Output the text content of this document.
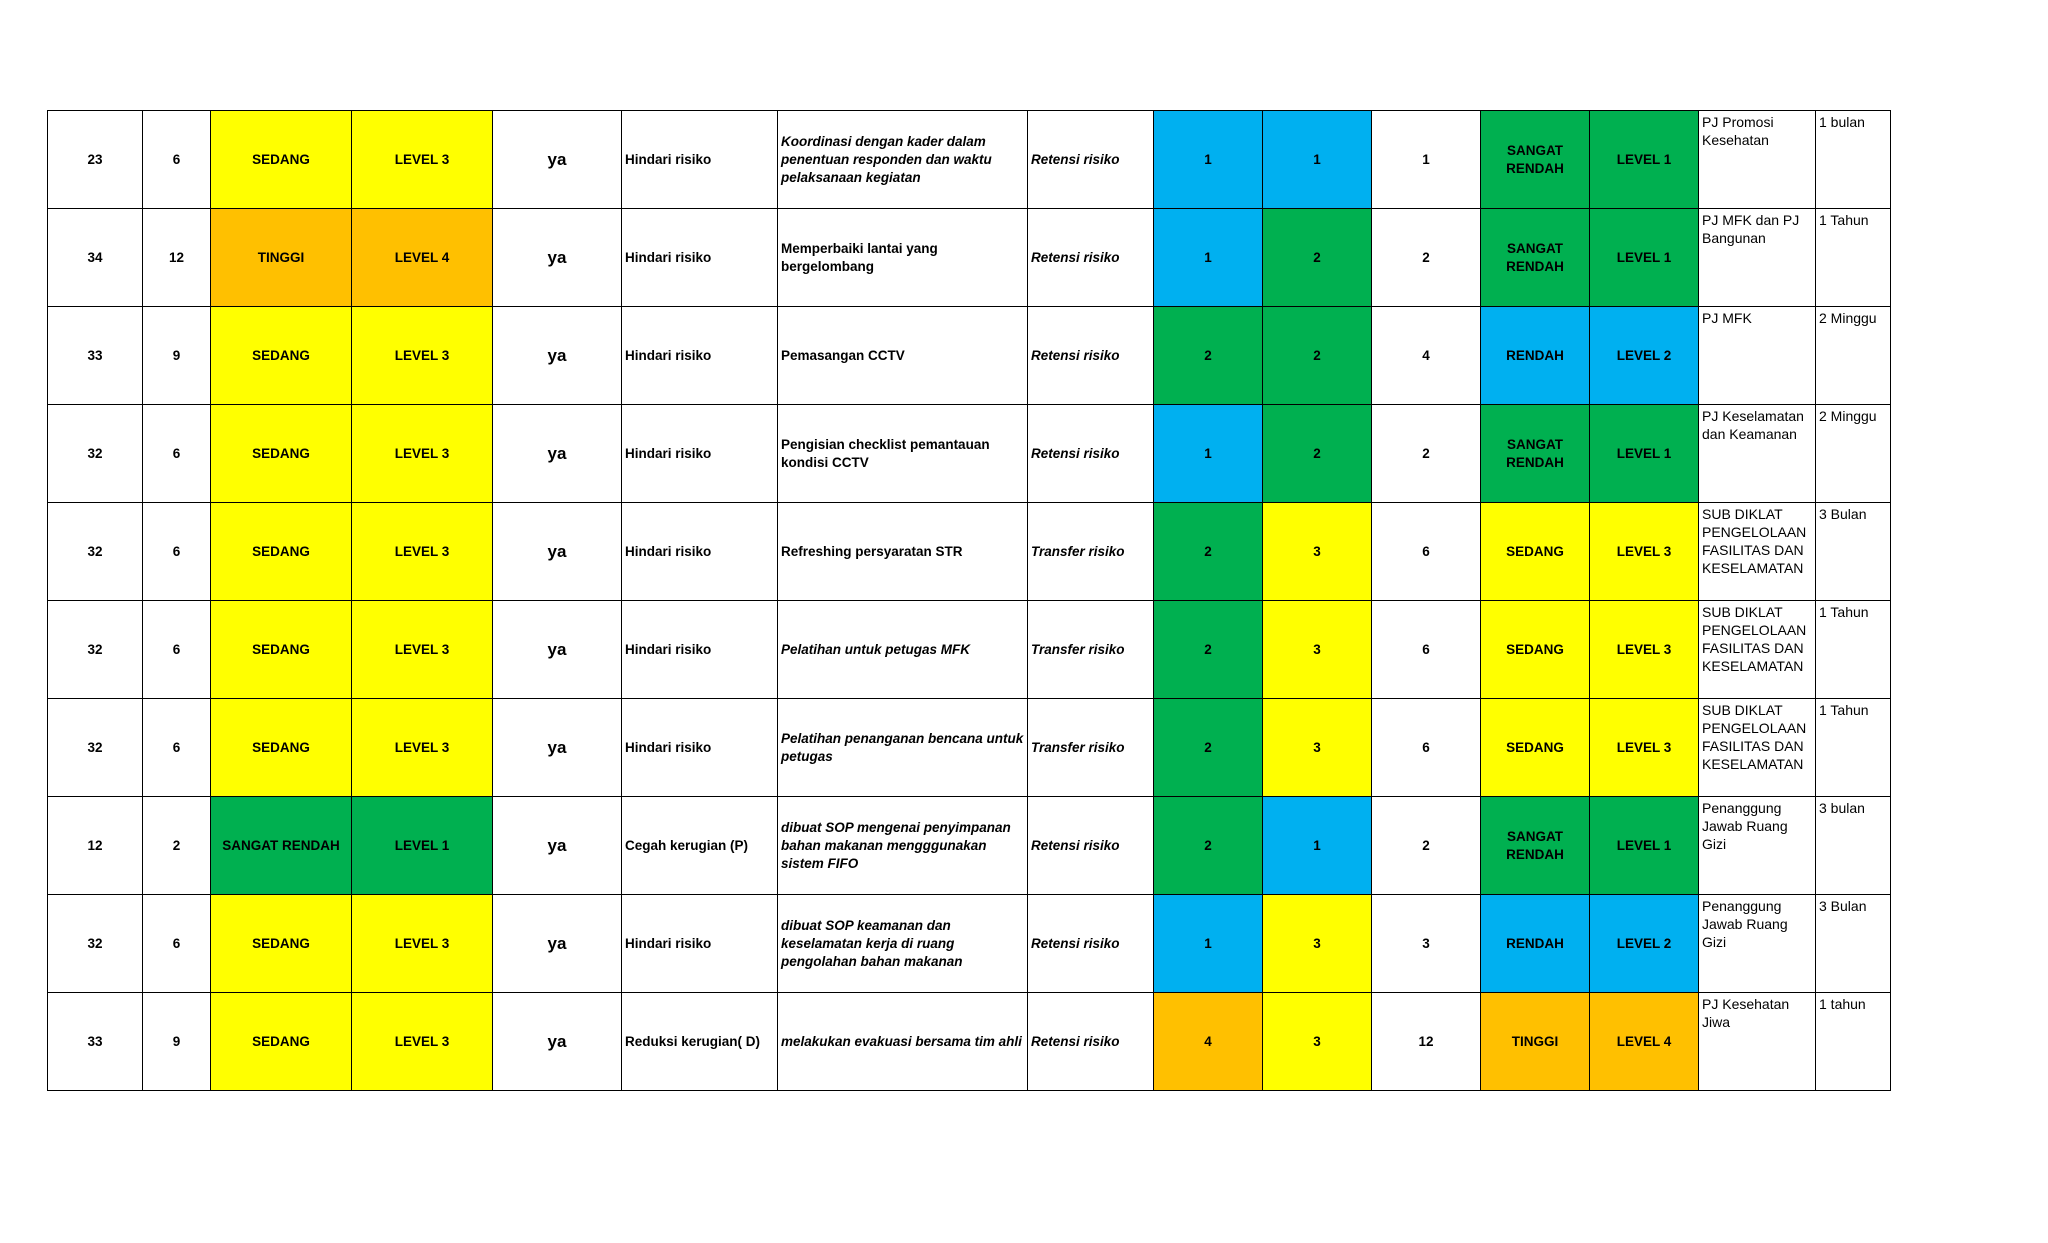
23	6	SEDANG	LEVEL 3	ya	Hindari risiko	Koordinasi dengan kader dalam penentuan responden dan waktu pelaksanaan kegiatan	Retensi risiko	1	1	1	SANGAT RENDAH	LEVEL 1	PJ Promosi Kesehatan	1 bulan
34	12	TINGGI	LEVEL 4	ya	Hindari risiko	Memperbaiki lantai yang bergelombang	Retensi risiko	1	2	2	SANGAT RENDAH	LEVEL 1	PJ MFK dan PJ Bangunan	1 Tahun
33	9	SEDANG	LEVEL 3	ya	Hindari risiko	Pemasangan CCTV	Retensi risiko	2	2	4	RENDAH	LEVEL 2	PJ MFK	2 Minggu
32	6	SEDANG	LEVEL 3	ya	Hindari risiko	Pengisian checklist pemantauan kondisi CCTV	Retensi risiko	1	2	2	SANGAT RENDAH	LEVEL 1	PJ Keselamatan dan Keamanan	2 Minggu
32	6	SEDANG	LEVEL 3	ya	Hindari risiko	Refreshing persyaratan STR	Transfer risiko	2	3	6	SEDANG	LEVEL 3	SUB DIKLAT PENGELOLAAN FASILITAS DAN KESELAMATAN	3 Bulan
32	6	SEDANG	LEVEL 3	ya	Hindari risiko	Pelatihan untuk petugas MFK	Transfer risiko	2	3	6	SEDANG	LEVEL 3	SUB DIKLAT PENGELOLAAN FASILITAS DAN KESELAMATAN	1 Tahun
32	6	SEDANG	LEVEL 3	ya	Hindari risiko	Pelatihan penanganan bencana untuk petugas	Transfer risiko	2	3	6	SEDANG	LEVEL 3	SUB DIKLAT PENGELOLAAN FASILITAS DAN KESELAMATAN	1 Tahun
12	2	SANGAT RENDAH	LEVEL 1	ya	Cegah kerugian (P)	dibuat SOP mengenai penyimpanan bahan makanan mengggunakan sistem FIFO	Retensi risiko	2	1	2	SANGAT RENDAH	LEVEL 1	Penanggung Jawab Ruang Gizi	3 bulan
32	6	SEDANG	LEVEL 3	ya	Hindari risiko	dibuat SOP keamanan dan keselamatan kerja di ruang pengolahan bahan makanan	Retensi risiko	1	3	3	RENDAH	LEVEL 2	Penanggung Jawab Ruang Gizi	3 Bulan
33	9	SEDANG	LEVEL 3	ya	Reduksi kerugian( D)	melakukan evakuasi bersama tim ahli	Retensi risiko	4	3	12	TINGGI	LEVEL 4	PJ Kesehatan Jiwa	1 tahun
